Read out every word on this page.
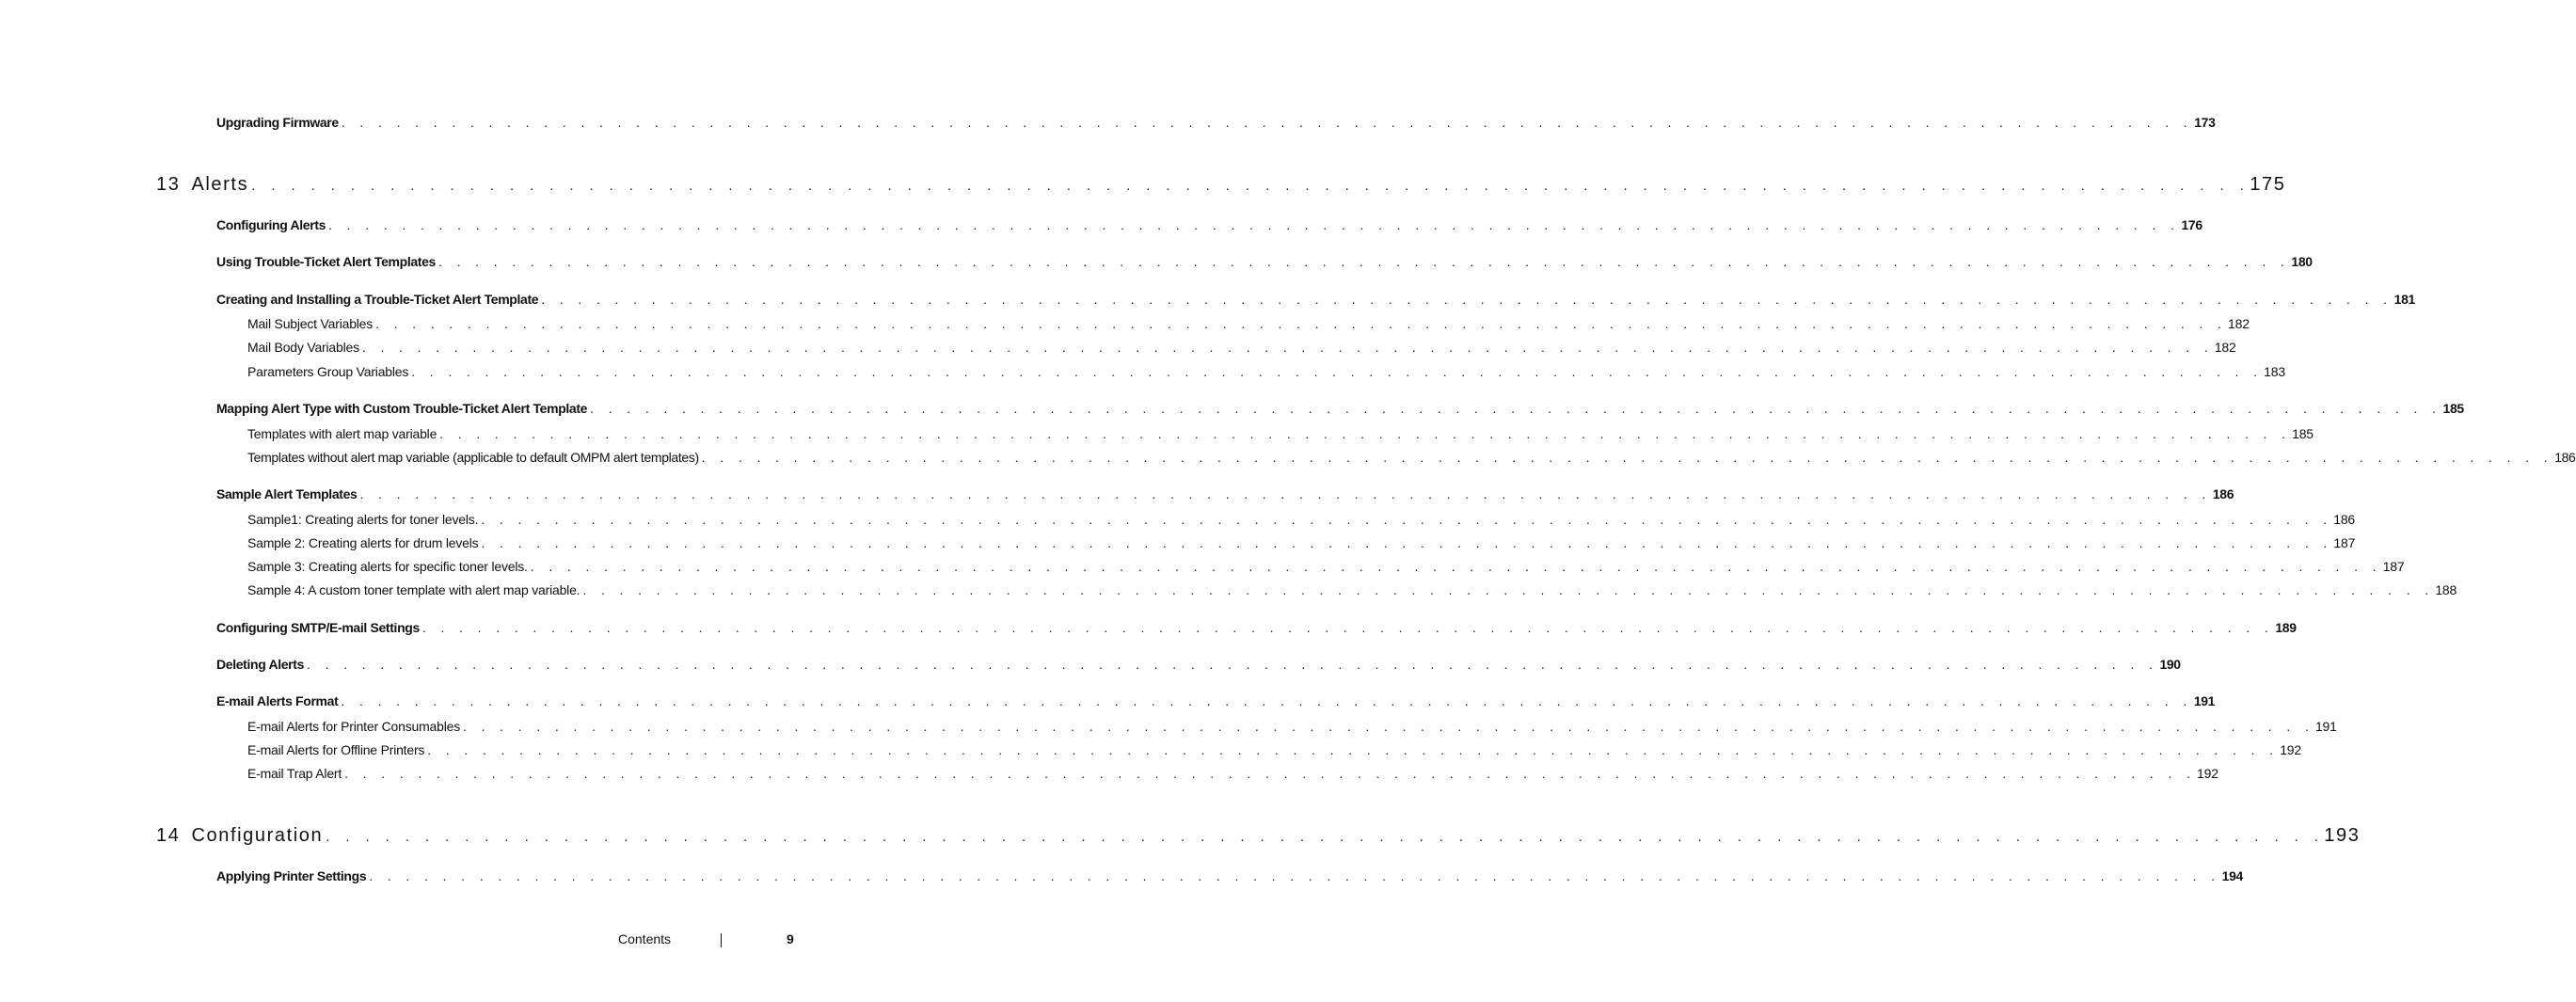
Upgrading Firmware . . .	173
13 Alerts . . .	175
Configuring Alerts . . .	176
Using Trouble-Ticket Alert Templates . . .	180
Creating and Installing a Trouble-Ticket Alert Template . . .	181
Mail Subject Variables . . .	182
Mail Body Variables . . .	182
Parameters Group Variables . . .	183
Mapping Alert Type with Custom Trouble-Ticket Alert Template . . .	185
Templates with alert map variable . . .	185
Templates without alert map variable (applicable to default OMPM alert templates) . . .	186
Sample Alert Templates . . .	186
Sample1: Creating alerts for toner levels. . . .	186
Sample 2: Creating alerts for drum levels . . .	187
Sample 3: Creating alerts for specific toner levels. . . .	187
Sample 4: A custom toner template with alert map variable. . . .	188
Configuring SMTP/E-mail Settings . . .	189
Deleting Alerts . . .	190
E-mail Alerts Format . . .	191
E-mail Alerts for Printer Consumables . . .	191
E-mail Alerts for Offline Printers . . .	192
E-mail Trap Alert . . .	192
14 Configuration . . .	193
Applying Printer Settings . . .	194
Contents	9
